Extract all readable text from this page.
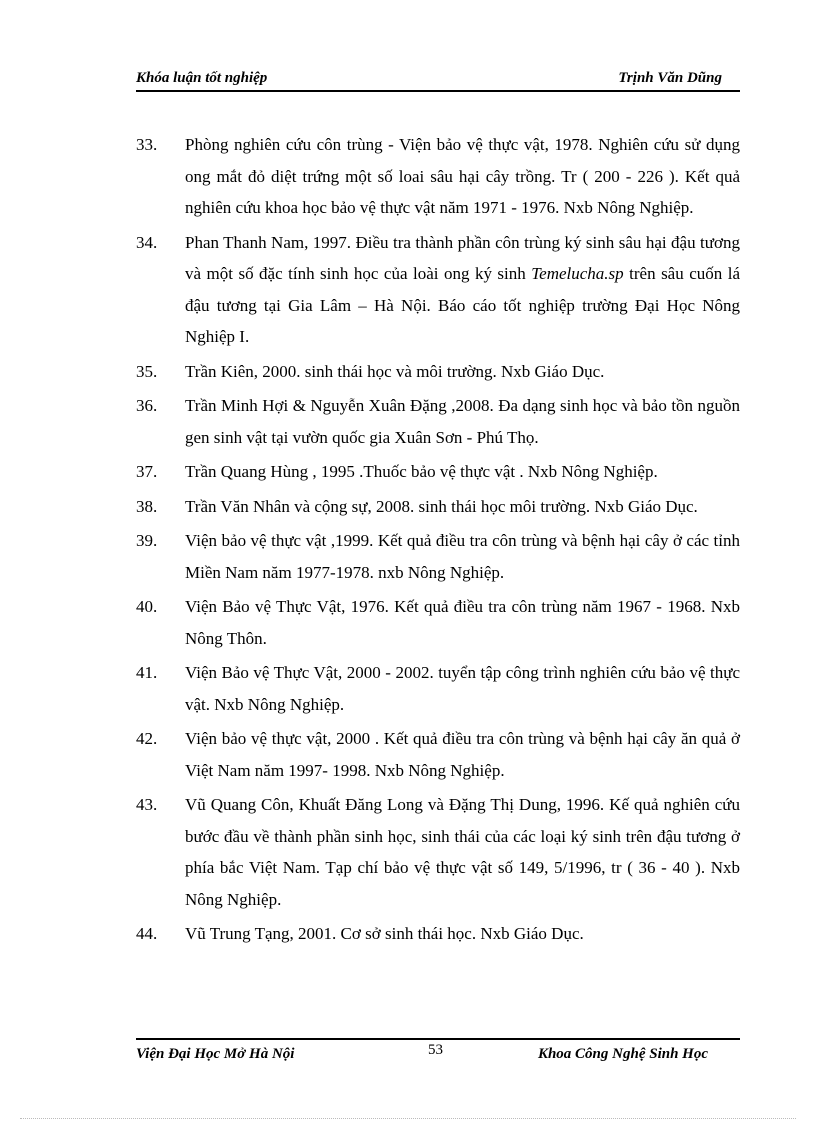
Khóa luận tốt nghiệp	Trịnh Văn Dũng
33. Phòng nghiên cứu côn trùng - Viện bảo vệ thực vật, 1978. Nghiên cứu sử dụng ong mắt đỏ diệt trứng một số loai sâu hại cây trồng. Tr ( 200 - 226 ). Kết quả nghiên cứu khoa học bảo vệ thực vật năm 1971 - 1976. Nxb Nông Nghiệp.
34. Phan Thanh Nam, 1997. Điều tra thành phần côn trùng ký sinh sâu hại đậu tương và một số đặc tính sinh học của loài ong ký sinh Temelucha.sp trên sâu cuốn lá đậu tương tại Gia Lâm – Hà Nội. Báo cáo tốt nghiệp trường Đại Học Nông Nghiệp I.
35. Trần Kiên, 2000. sinh thái học và môi trường. Nxb Giáo Dục.
36. Trần Minh Hợi & Nguyễn Xuân Đặng ,2008. Đa dạng sinh học và bảo tồn nguồn gen sinh vật tại vườn quốc gia Xuân Sơn - Phú Thọ.
37. Trần Quang Hùng , 1995 .Thuốc bảo vệ thực vật . Nxb Nông Nghiệp.
38. Trần Văn Nhân và cộng sự, 2008. sinh thái học môi trường. Nxb Giáo Dục.
39. Viện bảo vệ thực vật ,1999. Kết quả điều tra côn trùng và bệnh hại cây ở các tỉnh Miền Nam năm 1977-1978. nxb Nông Nghiệp.
40. Viện Bảo vệ Thực Vật, 1976. Kết quả điều tra côn trùng năm 1967 - 1968. Nxb Nông Thôn.
41. Viện Bảo vệ Thực Vật, 2000 - 2002. tuyển tập công trình nghiên cứu bảo vệ thực vật. Nxb Nông Nghiệp.
42. Viện bảo vệ thực vật, 2000 . Kết quả điều tra côn trùng và bệnh hại cây ăn quả ở Việt Nam năm 1997- 1998. Nxb Nông Nghiệp.
43. Vũ Quang Côn, Khuất Đăng Long và Đặng Thị Dung, 1996. Kế quả nghiên cứu bước đầu về thành phần sinh học, sinh thái của các loại ký sinh trên đậu tương ở phía bắc Việt Nam. Tạp chí bảo vệ thực vật số 149, 5/1996, tr ( 36 - 40 ). Nxb Nông Nghiệp.
44. Vũ Trung Tạng, 2001. Cơ sở sinh thái học. Nxb Giáo Dục.
Viện Đại Học Mở Hà Nội	53	Khoa Công Nghệ Sinh Học
